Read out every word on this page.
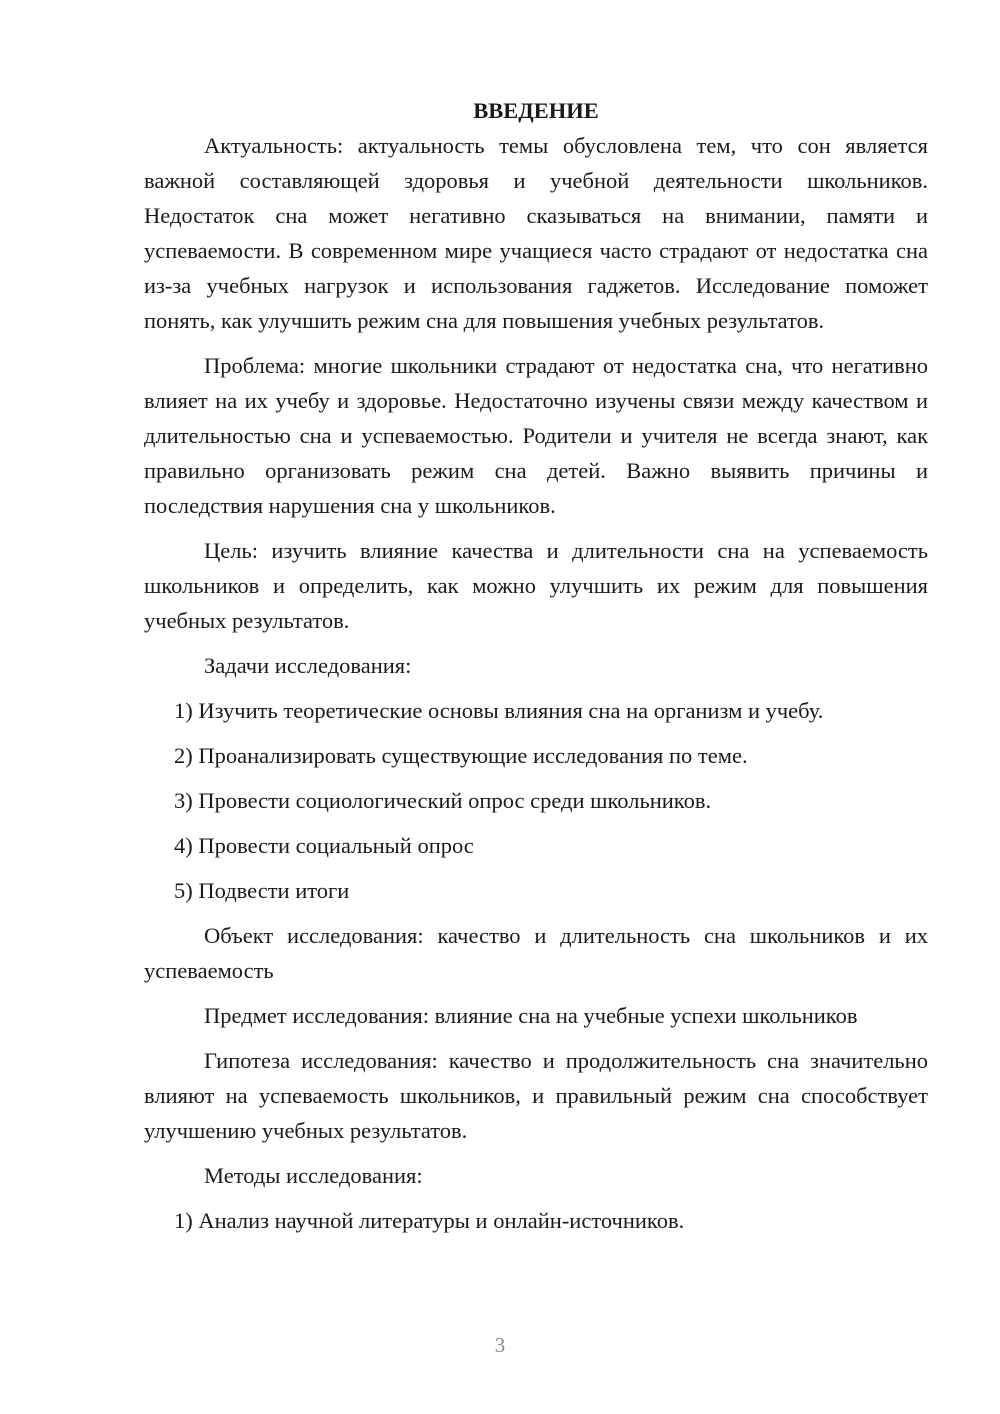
ВВЕДЕНИЕ

Актуальность: актуальность темы обусловлена тем, что сон является важной составляющей здоровья и учебной деятельности школьников. Недостаток сна может негативно сказываться на внимании, памяти и успеваемости. В современном мире учащиеся часто страдают от недостатка сна из-за учебных нагрузок и использования гаджетов. Исследование поможет понять, как улучшить режим сна для повышения учебных результатов.

Проблема: многие школьники страдают от недостатка сна, что негативно влияет на их учебу и здоровье. Недостаточно изучены связи между качеством и длительностью сна и успеваемостью. Родители и учителя не всегда знают, как правильно организовать режим сна детей. Важно выявить причины и последствия нарушения сна у школьников.

Цель: изучить влияние качества и длительности сна на успеваемость школьников и определить, как можно улучшить их режим для повышения учебных результатов.

Задачи исследования:
1) Изучить теоретические основы влияния сна на организм и учебу.
2) Проанализировать существующие исследования по теме.
3) Провести социологический опрос среди школьников.
4) Провести социальный опрос
5) Подвести итоги

Объект исследования: качество и длительность сна школьников и их успеваемость

Предмет исследования: влияние сна на учебные успехи школьников

Гипотеза исследования: качество и продолжительность сна значительно влияют на успеваемость школьников, и правильный режим сна способствует улучшению учебных результатов.

Методы исследования:
1) Анализ научной литературы и онлайн-источников.
3
